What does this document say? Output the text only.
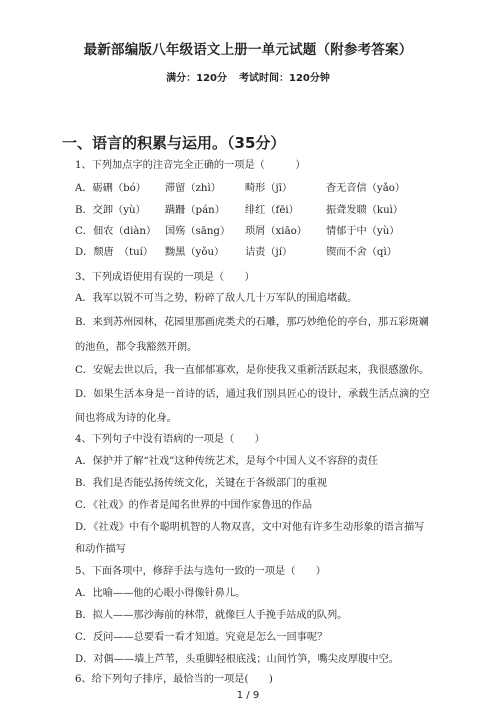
最新部编版八年级语文上册一单元试题（附参考答案）
满分：120分 考试时间：120分钟
一、语言的积累与运用。（35分）
1、下列加点字的注音完全正确的一项是（　　　）
A．砺硎（bó） 滞留（zhì） 畸形（jī）	杳无音信（yǎo）
B．交卸（yù） 蹒跚（pán） 绯红（fēi）	振聋发聩（kuì）
C．佃农（diàn） 国殇（sāng） 琐屑（xiāo） 情郁于中（yù）
D．颓唐　（tuí） 黝黑（yǒu） 诘责（jí）	锲而不舍（qì）
3、下列成语使用有误的一项是（　　）
A．我军以锐不可当之势，粉碎了敌人几十万军队的围追堵截。
B．来到苏州园林，花园里那画虎类犬的石雕，那巧妙绝伦的亭台，那五彩斑斓
的池鱼，都令我豁然开朗。
C．安妮去世以后，我一直郁郁寡欢，是你使我又重新活跃起来，我很感激你。
D．如果生活本身是一首诗的话，通过我们别具匠心的设计，承载生活点滴的空
间也将成为诗的化身。
4、下列句子中没有语病的一项是（　　）
A．保护并了解“社戏”这种传统艺术，是每个中国人义不容辞的责任
B．我们是否能弘扬传统文化，关键在于各级部门的重视
C．《社戏》的作者是闻名世界的中国作家鲁迅的作品
D．《社戏》中有个聪明机智的人物双喜，文中对他有许多生动形象的语言描写
和动作描写
5、下面各项中，修辞手法与选句一致的一项是（　　）
A．比喻——他的心眼小得像针鼻儿。
B．拟人——那沙海前的林带，就像巨人手挽手站成的队列。
C．反问——总要看一看才知道。究竟是怎么一回事呢？
D．对偶——墙上芦苇，头重脚轻根底浅；山间竹笋，嘴尖皮厚腹中空。
1 / 9
6、给下列句子排序，最恰当的一项是(　　)
